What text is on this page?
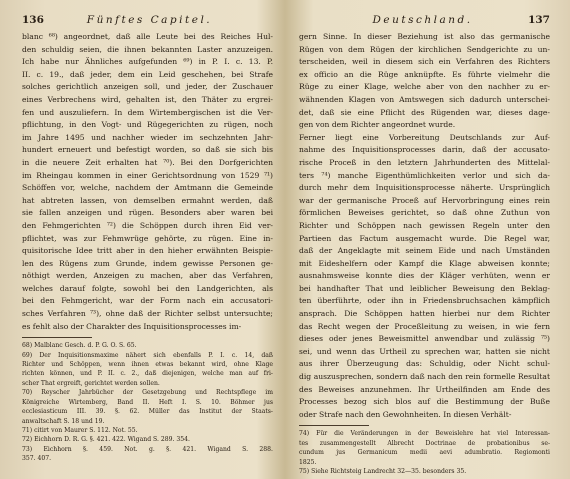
136	Fünftes Capitel.

blanc ⁶⁸) angeordnet, daß alle Leute bei des Reiches Hul-

den schuldig seien, die ihnen bekannten Laster anzuzeigen.

Ich habe nur Ähnliches aufgefunden ⁶⁹) in P. I. c. 13. P.

II. c. 19., daß jeder, dem ein Leid geschehen, bei Strafe

solches gerichtlich anzeigen soll, und jeder, der Zuschauer

eines Verbrechens wird, gehalten ist, den Thäter zu ergrei-

fen und auszuliefern. In dem Wirtembergischen ist die Ver-

pflichtung, in den Vogt- und Rügegerichten zu rügen, noch

im Jahre 1495 und nachher wieder im sechzehnten Jahr-

hundert erneuert und befestigt worden, so daß sie sich bis

in die neuere Zeit erhalten hat ⁷⁰). Bei den Dorfgerichten

im Rheingau kommen in einer Gerichtsordnung von 1529 ⁷¹)

Schöffen vor, welche, nachdem der Amtmann die Gemeinde

hat abtreten lassen, von demselben ermahnt werden, daß

sie fallen anzeigen und rügen. Besonders aber waren bei

den Fehmgerichten ⁷²) die Schöppen durch ihren Eid ver-

pflichtet, was zur Fehmwrüge gehörte, zu rügen. Eine in-

quisitorische Idee tritt aber in den hieher erwähnten Beispie-

len des Rügens zum Grunde, indem gewisse Personen ge-

nöthigt werden, Anzeigen zu machen, aber das Verfahren,

welches darauf folgte, sowohl bei den Landgerichten, als

bei den Fehmgericht, war der Form nach ein accusatori-

sches Verfahren ⁷³), ohne daß der Richter selbst untersuchte;

es fehlt also der Charakter des Inquisitionsprocesses im-

68) Malblanc Gesch. d. P. G. O. S. 65.

69) Der Inquisitionsmaxime nähert sich ebenfalls P. I. c. 14, daß

Richter und Schöppen, wenn ihnen etwas bekannt wird, ohne Klage

richten können, und P. II. c. 2., daß diejenigen, welche man auf fri-

scher That ergreift, gerichtet werden sollen.

70) Reyscher Jahrbücher der Gesetzgebung und Rechtspflege im

Königreiche Wirtemberg, Band II. Heft I. S. 10. Böhmer jus

ecclesiasticum III. 39. §. 62. Müller das Institut der Staats-

anwaltschaft S. 18 und 19.

71) citirt von Maurer S. 112. Not. 55.

72) Eichhorn D. R. G. §. 421. 422. Wigand S. 289. 354.

73) Eichhorn §. 459. Not. g. §. 421. Wigand S. 288.

357. 407.

Deutschland.	137

gern Sinne. In dieser Beziehung ist also das germanische

Rügen von dem Rügen der kirchlichen Sendgerichte zu un-

terscheiden, weil in diesem sich ein Verfahren des Richters

ex officio an die Rüge anknüpfte. Es führte vielmehr die

Rüge zu einer Klage, welche aber von den nachher zu er-

wähnenden Klagen von Amtswegen sich dadurch unterschei-

det, daß sie eine Pflicht des Rügenden war, dieses dage-

gen von dem Richter angeordnet wurde.

Ferner liegt eine Vorbereitung Deutschlands zur Auf-

nahme des Inquisitionsprocesses darin, daß der accusato-

rische Proceß in den letztern Jahrhunderten des Mittelal-

ters ⁷⁴) manche Eigenthümlichkeiten verlor und sich da-

durch mehr dem Inquisitionsprocesse näherte. Ursprünglich

war der germanische Proceß auf Hervorbringung eines rein

förmlichen Beweises gerichtet, so daß ohne Zuthun von

Richter und Schöppen nach gewissen Regeln unter den

Partieen das Factum ausgemacht wurde. Die Regel war,

daß der Angeklagte mit seinem Eide und nach Umständen

mit Eideshelfern oder Kampf die Klage abweisen konnte;

ausnahmsweise konnte dies der Kläger verhüten, wenn er

bei handhafter That und leiblicher Beweisung den Beklag-

ten überführte, oder ihn in Friedensbruchsachen kämpflich

ansprach. Die Schöppen hatten hierbei nur dem Richter

das Recht wegen der Proceßleitung zu weisen, in wie fern

dieses oder jenes Beweismittel anwendbar und zulässig ⁷⁵)

sei, und wenn das Urtheil zu sprechen war, hatten sie nicht

aus ihrer Überzeugung das: Schuldig, oder Nicht schul-

dig auszusprechen, sondern daß nach den rein formelle Resultat

des Beweises anzunehmen. Ihr Urtheilfinden am Ende des

Processes bezog sich blos auf die Bestimmung der Buße

oder Strafe nach den Gewohnheiten. In diesen Verhält-

74) Für die Veränderungen in der Beweislehre hat viel Interessan-

tes zusammengestellt Albrecht Doctrinae de probationibus se-

cundum jus Germanicum medii aevi adumbratio. Regiomonti

1825.

75) Siehe Richtsteig Landrecht 32—35. besonders 35.
